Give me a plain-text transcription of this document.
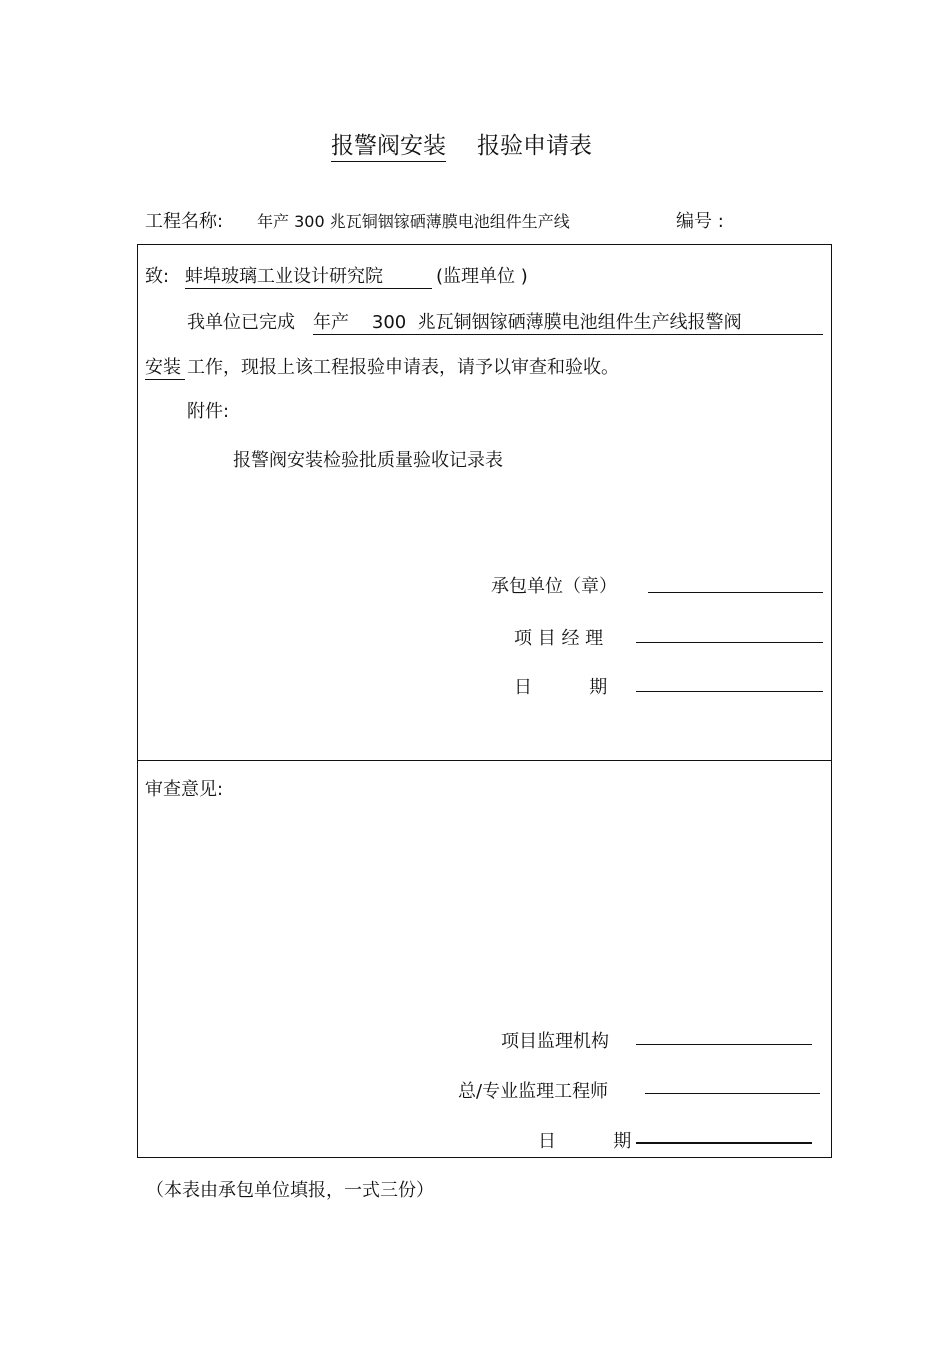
报警阀安装 报验申请表
工程名称: 年产 300 兆瓦铜铟镓硒薄膜电池组件生产线	编号 :
致: 蚌埠玻璃工业设计研究院	(监理单位 )
我单位已完成 年产    300  兆瓦铜铟镓硒薄膜电池组件生产线报警阀
安装 工作，现报上该工程报验申请表，请予以审查和验收。
附件:
报警阀安装检验批质量验收记录表
承包单位（章）
项 目 经 理
日          期
审查意见:
项目监理机构
总/专业监理工程师
日          期
（本表由承包单位填报，一式三份）
